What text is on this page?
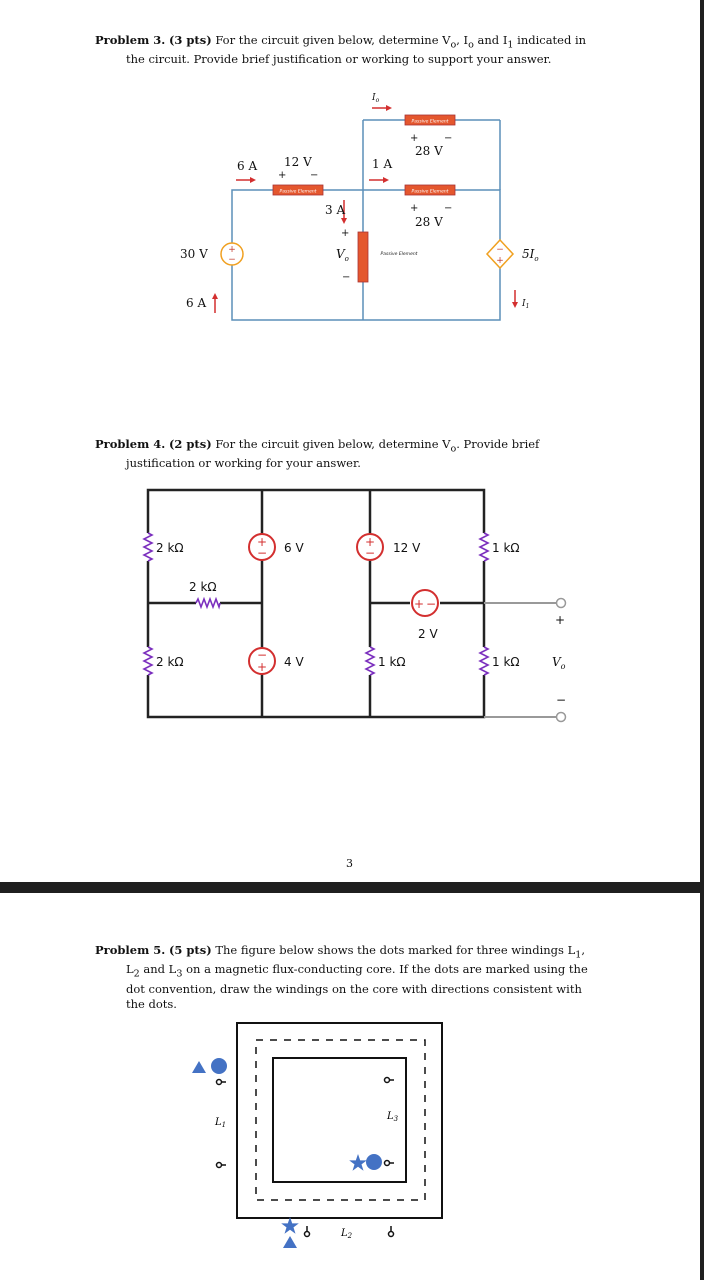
Problem 3. (3 pts) For the circuit given below, determine $V_o$, $I_o$ and $I_1$ indicated in the circuit. Provide brief justification or working to support your answer.
Passive Element
Passive Element
Passive Element
Passive Element
+
−
−
+
$I_o$
+	−
28 V
1 A
6 A 12 V
+ −
3 A	+	−
28 V
+
$V_o$
−
30 V
6 A
$5I_o$
$I_1$
Problem 4. (2 pts) For the circuit given below, determine $V_o$. Provide brief justification or working for your answer.
+
−
−
+
+
−
+ −
2 kΩ
2 kΩ
2 kΩ
6 V
4 V
12 V
2 V
1 kΩ
1 kΩ
1 kΩ
+
$V_o$
−
3
Problem 5. (5 pts) The figure below shows the dots marked for three windings $L_1$, $L_2$ and $L_3$ on a magnetic flux-conducting core. If the dots are marked using the dot convention, draw the windings on the core with directions consistent with the dots.
$L_1$
$L_3$
$L_2$
